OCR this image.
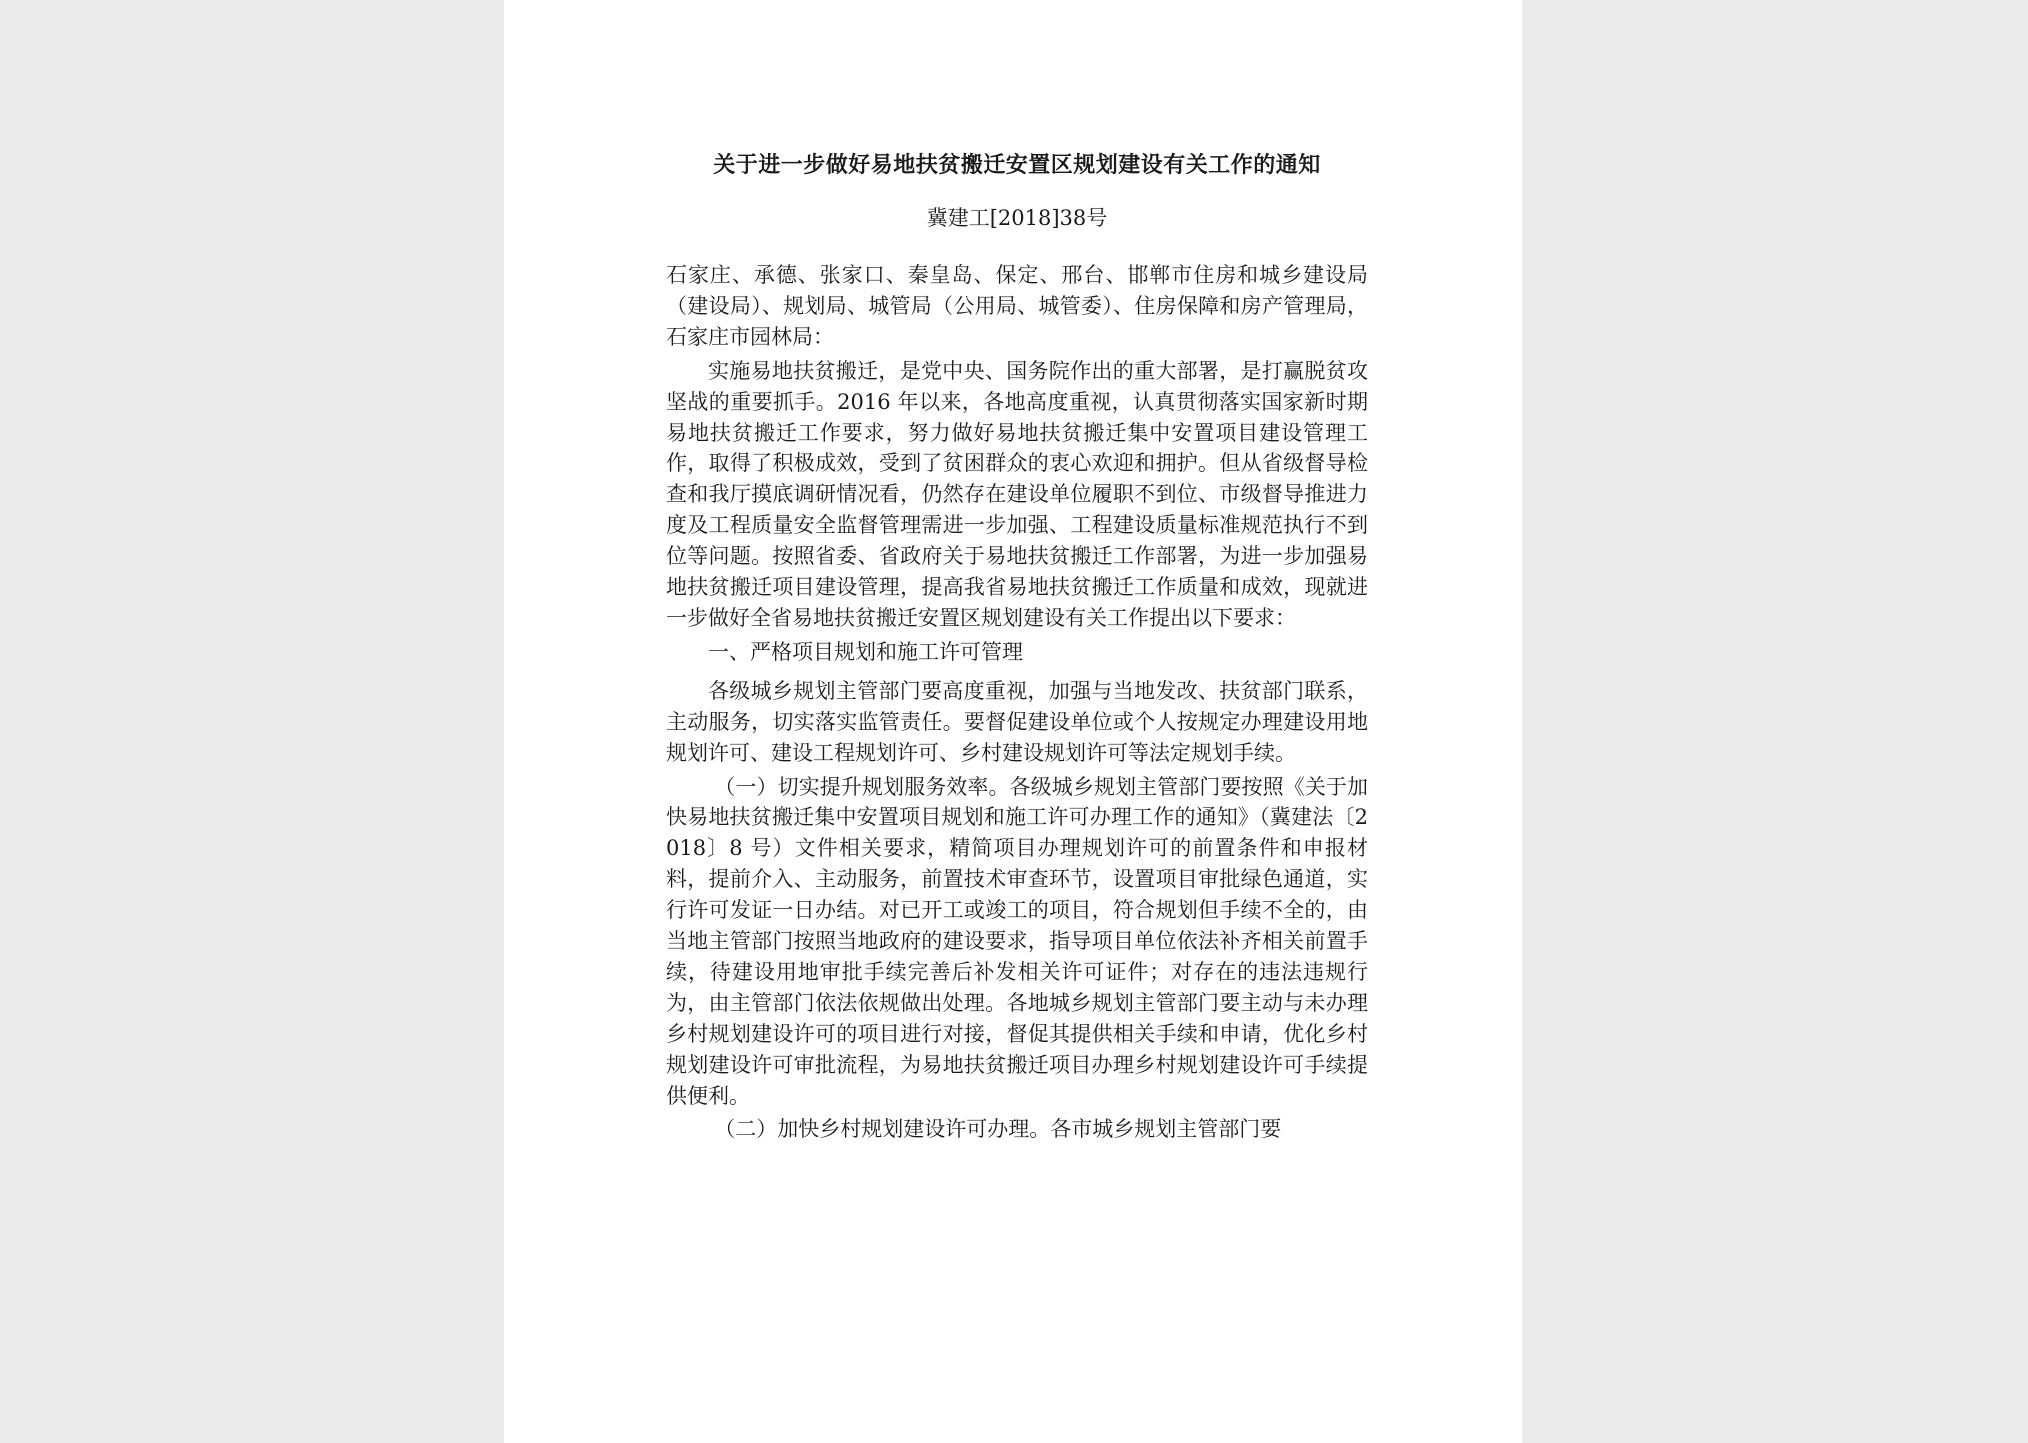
关于进一步做好易地扶贫搬迁安置区规划建设有关工作的通知
冀建工[2018]38号

石家庄、承德、张家口、秦皇岛、保定、邢台、邯郸市住房和城乡建设局（建设局）、规划局、城管局（公用局、城管委）、住房保障和房产管理局，石家庄市园林局：

实施易地扶贫搬迁，是党中央、国务院作出的重大部署，是打赢脱贫攻坚战的重要抓手。2016 年以来，各地高度重视，认真贯彻落实国家新时期易地扶贫搬迁工作要求，努力做好易地扶贫搬迁集中安置项目建设管理工作，取得了积极成效，受到了贫困群众的衷心欢迎和拥护。但从省级督导检查和我厅摸底调研情况看，仍然存在建设单位履职不到位、市级督导推进力度及工程质量安全监督管理需进一步加强、工程建设质量标准规范执行不到位等问题。按照省委、省政府关于易地扶贫搬迁工作部署，为进一步加强易地扶贫搬迁项目建设管理，提高我省易地扶贫搬迁工作质量和成效，现就进一步做好全省易地扶贫搬迁安置区规划建设有关工作提出以下要求：

一、严格项目规划和施工许可管理

各级城乡规划主管部门要高度重视，加强与当地发改、扶贫部门联系，主动服务，切实落实监管责任。要督促建设单位或个人按规定办理建设用地规划许可、建设工程规划许可、乡村建设规划许可等法定规划手续。

（一）切实提升规划服务效率。各级城乡规划主管部门要按照《关于加快易地扶贫搬迁集中安置项目规划和施工许可办理工作的通知》（冀建法〔2018〕8 号）文件相关要求，精简项目办理规划许可的前置条件和申报材料，提前介入、主动服务，前置技术审查环节，设置项目审批绿色通道，实行许可发证一日办结。对已开工或竣工的项目，符合规划但手续不全的，由当地主管部门按照当地政府的建设要求，指导项目单位依法补齐相关前置手续，待建设用地审批手续完善后补发相关许可证件；对存在的违法违规行为，由主管部门依法依规做出处理。各地城乡规划主管部门要主动与未办理乡村规划建设许可的项目进行对接，督促其提供相关手续和申请，优化乡村规划建设许可审批流程，为易地扶贫搬迁项目办理乡村规划建设许可手续提供便利。

（二）加快乡村规划建设许可办理。各市城乡规划主管部门要
